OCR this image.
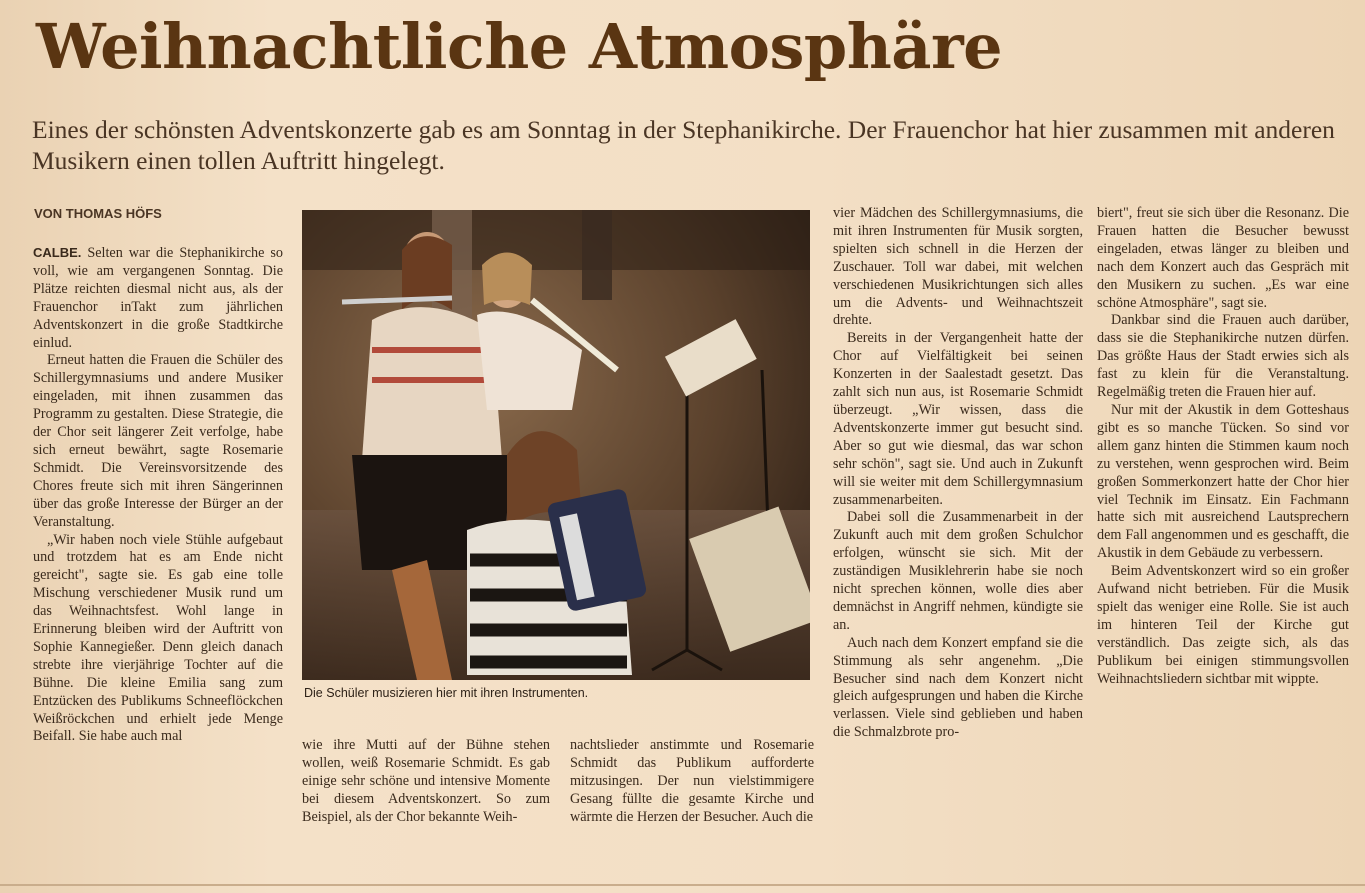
Weihnachtliche Atmosphäre

Eines der schönsten Adventskonzerte gab es am Sonntag in der Stephanikirche. Der Frauenchor hat hier zusammen mit anderen Musikern einen tollen Auftritt hingelegt.

VON THOMAS HÖFS

CALBE. Selten war die Stephanikirche so voll, wie am vergangenen Sonntag. Die Plätze reichten diesmal nicht aus, als der Frauenchor inTakt zum jährlichen Adventskonzert in die große Stadtkirche einlud.

Erneut hatten die Frauen die Schüler des Schillergymnasiums und andere Musiker eingeladen, mit ihnen zusammen das Programm zu gestalten. Diese Strategie, die der Chor seit längerer Zeit verfolge, habe sich erneut bewährt, sagte Rosemarie Schmidt. Die Vereinsvorsitzende des Chores freute sich mit ihren Sängerinnen über das große Interesse der Bürger an der Veranstaltung.

„Wir haben noch viele Stühle aufgebaut und trotzdem hat es am Ende nicht gereicht", sagte sie. Es gab eine tolle Mischung verschiedener Musik rund um das Weihnachtsfest. Wohl lange in Erinnerung bleiben wird der Auftritt von Sophie Kannegießer. Denn gleich danach strebte ihre vierjährige Tochter auf die Bühne. Die kleine Emilia sang zum Entzücken des Publikums Schneeflöckchen Weißröckchen und erhielt jede Menge Beifall. Sie habe auch mal

Die Schüler musizieren hier mit ihren Instrumenten.

wie ihre Mutti auf der Bühne stehen wollen, weiß Rosemarie Schmidt. Es gab einige sehr schöne und intensive Momente bei diesem Adventskonzert. So zum Beispiel, als der Chor bekannte Weih-

nachtslieder anstimmte und Rosemarie Schmidt das Publikum aufforderte mitzusingen. Der nun vielstimmigere Gesang füllte die gesamte Kirche und wärmte die Herzen der Besucher. Auch die

vier Mädchen des Schillergymnasiums, die mit ihren Instrumenten für Musik sorgten, spielten sich schnell in die Herzen der Zuschauer. Toll war dabei, mit welchen verschiedenen Musikrichtungen sich alles um die Advents- und Weihnachtszeit drehte.

Bereits in der Vergangenheit hatte der Chor auf Vielfältigkeit bei seinen Konzerten in der Saalestadt gesetzt. Das zahlt sich nun aus, ist Rosemarie Schmidt überzeugt. „Wir wissen, dass die Adventskonzerte immer gut besucht sind. Aber so gut wie diesmal, das war schon sehr schön", sagt sie. Und auch in Zukunft will sie weiter mit dem Schillergymnasium zusammenarbeiten.

Dabei soll die Zusammenarbeit in der Zukunft auch mit dem großen Schulchor erfolgen, wünscht sie sich. Mit der zuständigen Musiklehrerin habe sie noch nicht sprechen können, wolle dies aber demnächst in Angriff nehmen, kündigte sie an.

Auch nach dem Konzert empfand sie die Stimmung als sehr angenehm. „Die Besucher sind nach dem Konzert nicht gleich aufgesprungen und haben die Kirche verlassen. Viele sind geblieben und haben die Schmalzbrote pro-

biert", freut sie sich über die Resonanz. Die Frauen hatten die Besucher bewusst eingeladen, etwas länger zu bleiben und nach dem Konzert auch das Gespräch mit den Musikern zu suchen. „Es war eine schöne Atmosphäre", sagt sie.

Dankbar sind die Frauen auch darüber, dass sie die Stephanikirche nutzen dürfen. Das größte Haus der Stadt erwies sich als fast zu klein für die Veranstaltung. Regelmäßig treten die Frauen hier auf.

Nur mit der Akustik in dem Gotteshaus gibt es so manche Tücken. So sind vor allem ganz hinten die Stimmen kaum noch zu verstehen, wenn gesprochen wird. Beim großen Sommerkonzert hatte der Chor hier viel Technik im Einsatz. Ein Fachmann hatte sich mit ausreichend Lautsprechern dem Fall angenommen und es geschafft, die Akustik in dem Gebäude zu verbessern.

Beim Adventskonzert wird so ein großer Aufwand nicht betrieben. Für die Musik spielt das weniger eine Rolle. Sie ist auch im hinteren Teil der Kirche gut verständlich. Das zeigte sich, als das Publikum bei einigen stimmungsvollen Weihnachtsliedern sichtbar mit wippte.
